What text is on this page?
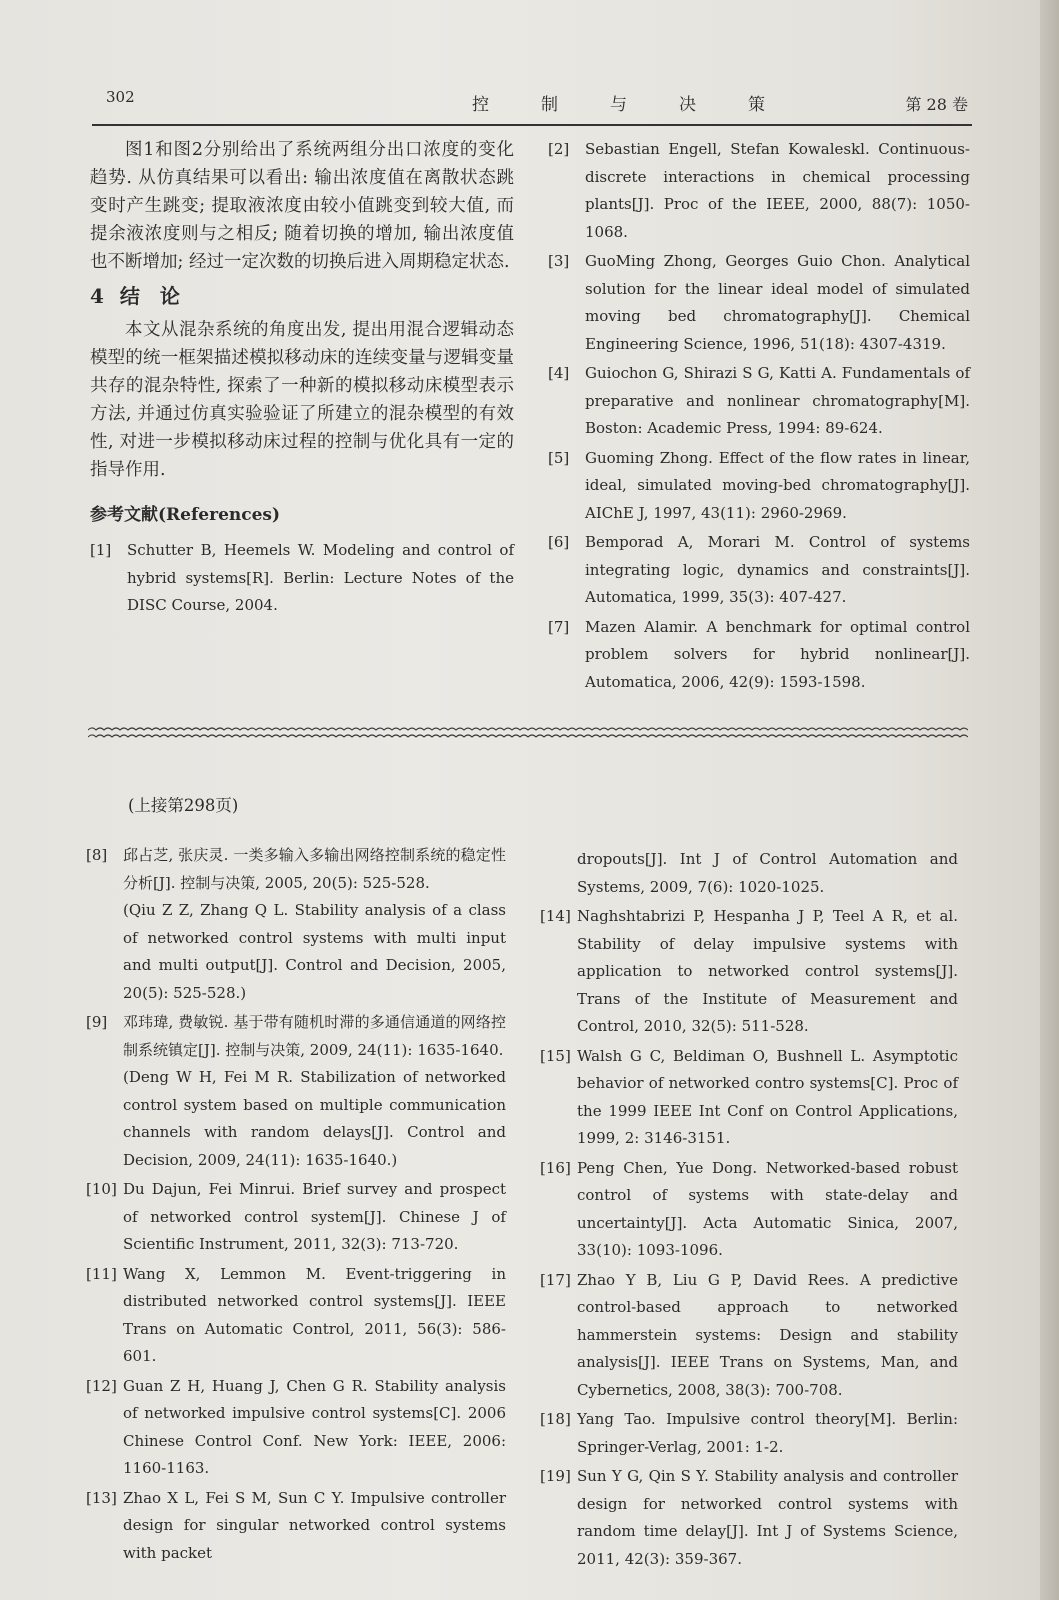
302	控制与决策	第 28 卷

图1和图2分别给出了系统两组分出口浓度的变化趋势. 从仿真结果可以看出: 输出浓度值在离散状态跳变时产生跳变; 提取液浓度由较小值跳变到较大值, 而提余液浓度则与之相反; 随着切换的增加, 输出浓度值也不断增加; 经过一定次数的切换后进入周期稳定状态.

4 结　论

本文从混杂系统的角度出发, 提出用混合逻辑动态模型的统一框架描述模拟移动床的连续变量与逻辑变量共存的混杂特性, 探索了一种新的模拟移动床模型表示方法, 并通过仿真实验验证了所建立的混杂模型的有效性, 对进一步模拟移动床过程的控制与优化具有一定的指导作用.

参考文献(References)
[1] Schutter B, Heemels W. Modeling and control of hybrid systems[R]. Berlin: Lecture Notes of the DISC Course, 2004.
[2] Sebastian Engell, Stefan Kowaleskl. Continuous-discrete interactions in chemical processing plants[J]. Proc of the IEEE, 2000, 88(7): 1050-1068.
[3] GuoMing Zhong, Georges Guio Chon. Analytical solution for the linear ideal model of simulated moving bed chromatography[J]. Chemical Engineering Science, 1996, 51(18): 4307-4319.
[4] Guiochon G, Shirazi S G, Katti A. Fundamentals of preparative and nonlinear chromatography[M]. Boston: Academic Press, 1994: 89-624.
[5] Guoming Zhong. Effect of the flow rates in linear, ideal, simulated moving-bed chromatography[J]. AIChE J, 1997, 43(11): 2960-2969.
[6] Bemporad A, Morari M. Control of systems integrating logic, dynamics and constraints[J]. Automatica, 1999, 35(3): 407-427.
[7] Mazen Alamir. A benchmark for optimal control problem solvers for hybrid nonlinear[J]. Automatica, 2006, 42(9): 1593-1598.
(上接第298页)
[8] 邱占芝, 张庆灵. 一类多输入多输出网络控制系统的稳定性分析[J]. 控制与决策, 2005, 20(5): 525-528.
(Qiu Z Z, Zhang Q L. Stability analysis of a class of networked control systems with multi input and multi output[J]. Control and Decision, 2005, 20(5): 525-528.)
[9] 邓玮瑋, 费敏锐. 基于带有随机时滞的多通信通道的网络控制系统镇定[J]. 控制与决策, 2009, 24(11): 1635-1640.
(Deng W H, Fei M R. Stabilization of networked control system based on multiple communication channels with random delays[J]. Control and Decision, 2009, 24(11): 1635-1640.)
[10] Du Dajun, Fei Minrui. Brief survey and prospect of networked control system[J]. Chinese J of Scientific Instrument, 2011, 32(3): 713-720.
[11] Wang X, Lemmon M. Event-triggering in distributed networked control systems[J]. IEEE Trans on Automatic Control, 2011, 56(3): 586-601.
[12] Guan Z H, Huang J, Chen G R. Stability analysis of networked impulsive control systems[C]. 2006 Chinese Control Conf. New York: IEEE, 2006: 1160-1163.
[13] Zhao X L, Fei S M, Sun C Y. Impulsive controller design for singular networked control systems with packet
dropouts[J]. Int J of Control Automation and Systems, 2009, 7(6): 1020-1025.
[14] Naghshtabrizi P, Hespanha J P, Teel A R, et al. Stability of delay impulsive systems with application to networked control systems[J]. Trans of the Institute of Measurement and Control, 2010, 32(5): 511-528.
[15] Walsh G C, Beldiman O, Bushnell L. Asymptotic behavior of networked contro systems[C]. Proc of the 1999 IEEE Int Conf on Control Applications, 1999, 2: 3146-3151.
[16] Peng Chen, Yue Dong. Networked-based robust control of systems with state-delay and uncertainty[J]. Acta Automatic Sinica, 2007, 33(10): 1093-1096.
[17] Zhao Y B, Liu G P, David Rees. A predictive control-based approach to networked hammerstein systems: Design and stability analysis[J]. IEEE Trans on Systems, Man, and Cybernetics, 2008, 38(3): 700-708.
[18] Yang Tao. Impulsive control theory[M]. Berlin: Springer-Verlag, 2001: 1-2.
[19] Sun Y G, Qin S Y. Stability analysis and controller design for networked control systems with random time delay[J]. Int J of Systems Science, 2011, 42(3): 359-367.
